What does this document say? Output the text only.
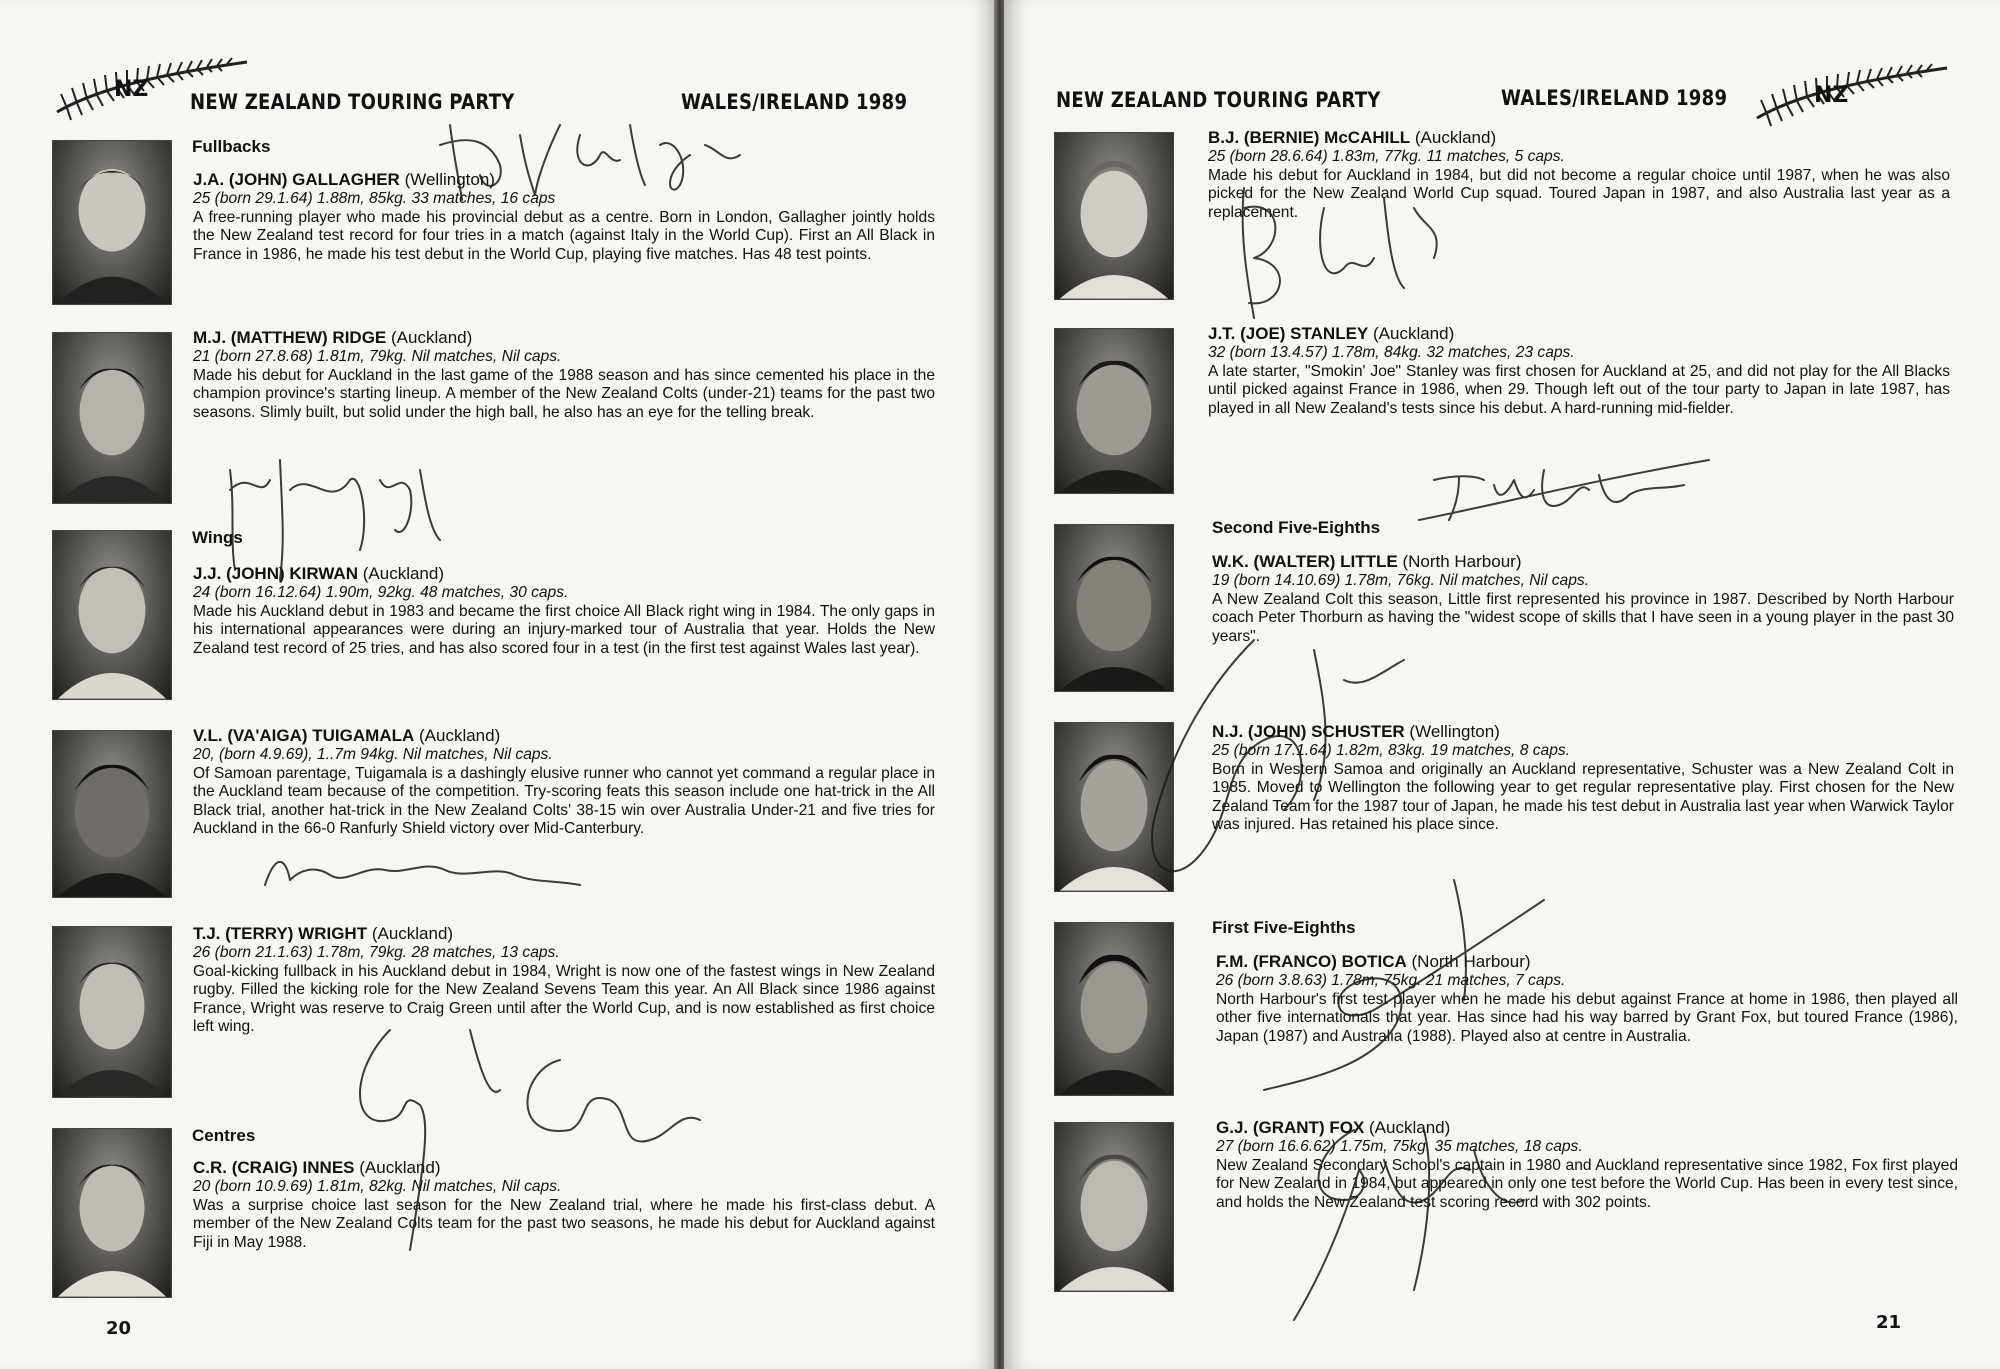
NZ NEW ZEALAND TOURING PARTY	WALES/IRELAND 1989
Fullbacks
Wings
Centres
J.A. (JOHN) GALLAGHER (Wellington)
25 (born 29.1.64) 1.88m, 85kg. 33 matches, 16 caps
A free-running player who made his provincial debut as a centre. Born in London, Gallagher jointly holds the New Zealand test record for four tries in a match (against Italy in the World Cup). First an All Black in France in 1986, he made his test debut in the World Cup, playing five matches. Has 48 test points.
M.J. (MATTHEW) RIDGE (Auckland)
21 (born 27.8.68) 1.81m, 79kg. Nil matches, Nil caps.
Made his debut for Auckland in the last game of the 1988 season and has since cemented his place in the champion province's starting lineup. A member of the New Zealand Colts (under-21) teams for the past two seasons. Slimly built, but solid under the high ball, he also has an eye for the telling break.
J.J. (JOHN) KIRWAN (Auckland)
24 (born 16.12.64) 1.90m, 92kg. 48 matches, 30 caps.
Made his Auckland debut in 1983 and became the first choice All Black right wing in 1984. The only gaps in his international appearances were during an injury-marked tour of Australia that year. Holds the New Zealand test record of 25 tries, and has also scored four in a test (in the first test against Wales last year).
V.L. (VA'AIGA) TUIGAMALA (Auckland)
20, (born 4.9.69), 1..7m 94kg. Nil matches, Nil caps.
Of Samoan parentage, Tuigamala is a dashingly elusive runner who cannot yet command a regular place in the Auckland team because of the competition. Try-scoring feats this season include one hat-trick in the All Black trial, another hat-trick in the New Zealand Colts' 38-15 win over Australia Under-21 and five tries for Auckland in the 66-0 Ranfurly Shield victory over Mid-Canterbury.
T.J. (TERRY) WRIGHT (Auckland)
26 (born 21.1.63) 1.78m, 79kg. 28 matches, 13 caps.
Goal-kicking fullback in his Auckland debut in 1984, Wright is now one of the fastest wings in New Zealand rugby. Filled the kicking role for the New Zealand Sevens Team this year. An All Black since 1986 against France, Wright was reserve to Craig Green until after the World Cup, and is now established as first choice left wing.
C.R. (CRAIG) INNES (Auckland)
20 (born 10.9.69) 1.81m, 82kg. Nil matches, Nil caps.
Was a surprise choice last season for the New Zealand trial, where he made his first-class debut. A member of the New Zealand Colts team for the past two seasons, he made his debut for Auckland against Fiji in May 1988.
20
NZ
NEW ZEALAND TOURING PARTY	WALES/IRELAND 1989
Second Five-Eighths
First Five-Eighths
B.J. (BERNIE) McCAHILL (Auckland)
25 (born 28.6.64) 1.83m, 77kg. 11 matches, 5 caps.
Made his debut for Auckland in 1984, but did not become a regular choice until 1987, when he was also picked for the New Zealand World Cup squad. Toured Japan in 1987, and also Australia last year as a replacement.
J.T. (JOE) STANLEY (Auckland)
32 (born 13.4.57) 1.78m, 84kg. 32 matches, 23 caps.
A late starter, "Smokin' Joe" Stanley was first chosen for Auckland at 25, and did not play for the All Blacks until picked against France in 1986, when 29. Though left out of the tour party to Japan in late 1987, has played in all New Zealand's tests since his debut. A hard-running mid-fielder.
W.K. (WALTER) LITTLE (North Harbour)
19 (born 14.10.69) 1.78m, 76kg. Nil matches, Nil caps.
A New Zealand Colt this season, Little first represented his province in 1987. Described by North Harbour coach Peter Thorburn as having the "widest scope of skills that I have seen in a young player in the past 30 years".
N.J. (JOHN) SCHUSTER (Wellington)
25 (born 17.1.64) 1.82m, 83kg. 19 matches, 8 caps.
Born in Western Samoa and originally an Auckland representative, Schuster was a New Zealand Colt in 1985. Moved to Wellington the following year to get regular representative play. First chosen for the New Zealand Team for the 1987 tour of Japan, he made his test debut in Australia last year when Warwick Taylor was injured. Has retained his place since.
F.M. (FRANCO) BOTICA (North Harbour)
26 (born 3.8.63) 1.78m, 75kg. 21 matches, 7 caps.
North Harbour's first test player when he made his debut against France at home in 1986, then played all other five internationals that year. Has since had his way barred by Grant Fox, but toured France (1986), Japan (1987) and Australia (1988). Played also at centre in Australia.
G.J. (GRANT) FOX (Auckland)
27 (born 16.6.62) 1.75m, 75kg. 35 matches, 18 caps.
New Zealand Secondary School's captain in 1980 and Auckland representative since 1982, Fox first played for New Zealand in 1984, but appeared in only one test before the World Cup. Has been in every test since, and holds the New Zealand test scoring record with 302 points.
21
